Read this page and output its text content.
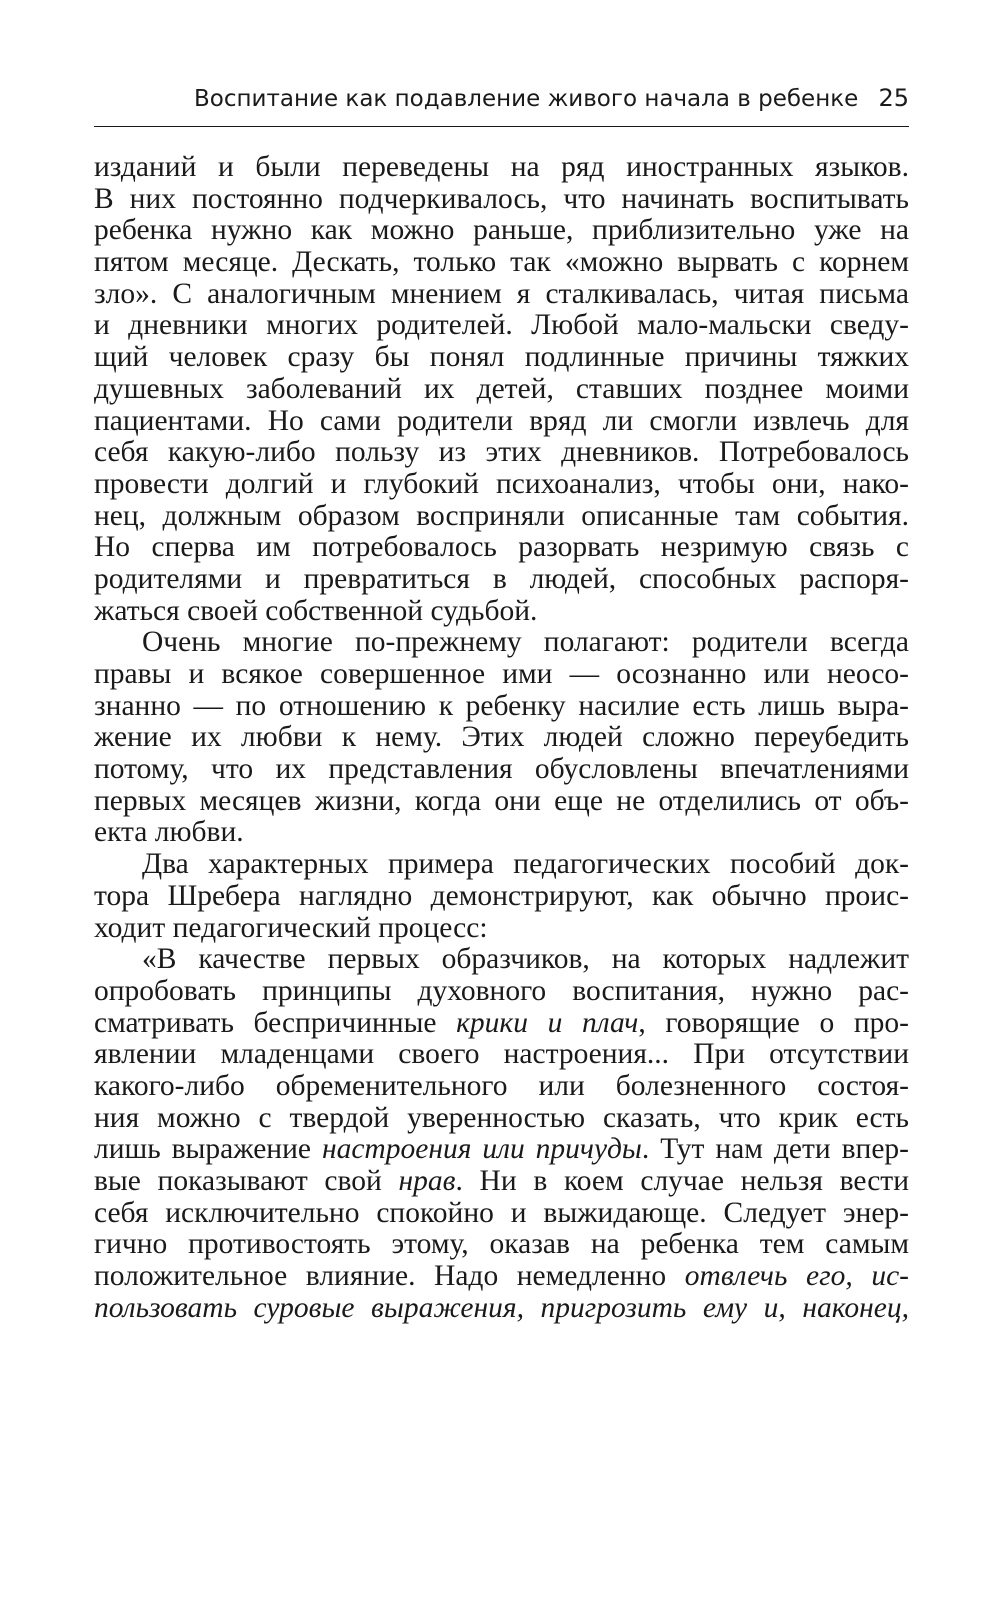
Воспитание как подавление живого начала в ребенке 25
изданий и были переведены на ряд иностранных языков.
В них постоянно подчеркивалось, что начинать воспитывать
ребенка нужно как можно раньше, приблизительно уже на
пятом месяце. Дескать, только так «можно вырвать с корнем
зло». С аналогичным мнением я сталкивалась, читая письма
и дневники многих родителей. Любой мало-мальски сведу-
щий человек сразу бы понял подлинные причины тяжких
душевных заболеваний их детей, ставших позднее моими
пациентами. Но сами родители вряд ли смогли извлечь для
себя какую-либо пользу из этих дневников. Потребовалось
провести долгий и глубокий психоанализ, чтобы они, нако-
нец, должным образом восприняли описанные там события.
Но сперва им потребовалось разорвать незримую связь с
родителями и превратиться в людей, способных распоря-
жаться своей собственной судьбой.
Очень многие по-прежнему полагают: родители всегда
правы и всякое совершенное ими — осознанно или неосо-
знанно — по отношению к ребенку насилие есть лишь выра-
жение их любви к нему. Этих людей сложно переубедить
потому, что их представления обусловлены впечатлениями
первых месяцев жизни, когда они еще не отделились от объ-
екта любви.
Два характерных примера педагогических пособий док-
тора Шребера наглядно демонстрируют, как обычно проис-
ходит педагогический процесс:
«В качестве первых образчиков, на которых надлежит
опробовать принципы духовного воспитания, нужно рас-
сматривать беспричинные крики и плач, говорящие о про-
явлении младенцами своего настроения... При отсутствии
какого-либо обременительного или болезненного состоя-
ния можно с твердой уверенностью сказать, что крик есть
лишь выражение настроения или причуды. Тут нам дети впер-
вые показывают свой нрав. Ни в коем случае нельзя вести
себя исключительно спокойно и выжидающе. Следует энер-
гично противостоять этому, оказав на ребенка тем самым
положительное влияние. Надо немедленно отвлечь его, ис-
пользовать суровые выражения, пригрозить ему и, наконец,
